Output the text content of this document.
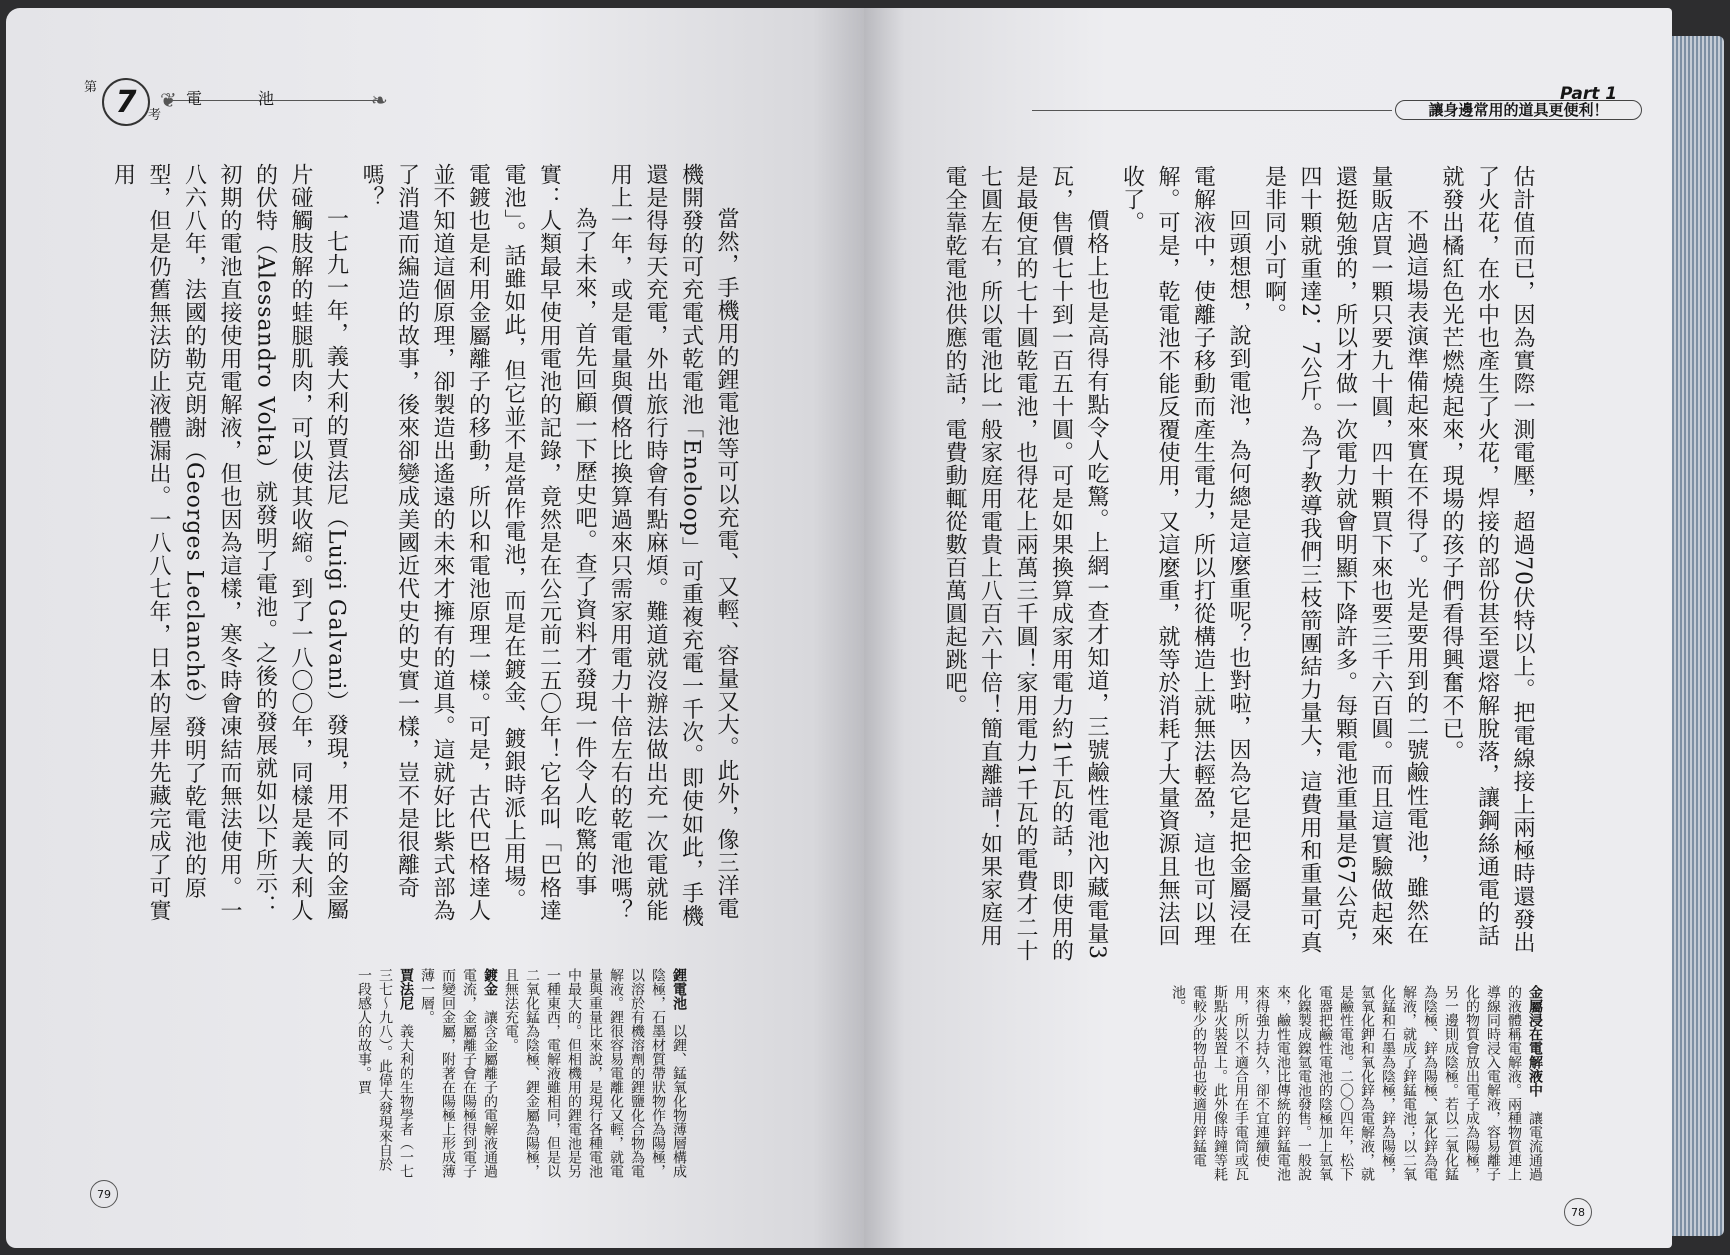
第 7 考
❦ 電池 ❧

當然，手機用的鋰電池等可以充電、又輕、容量又大。此外，像三洋電機開發的可充電式乾電池「Eneloop」可重複充電一千次。即使如此，手機還是得每天充電，外出旅行時會有點麻煩。難道就沒辦法做出充一次電就能用上一年，或是電量與價格比換算過來只需家用電力十倍左右的乾電池嗎？

為了未來，首先回顧一下歷史吧。查了資料才發現一件令人吃驚的事實：人類最早使用電池的記錄，竟然是在公元前二五〇年！它名叫「巴格達電池」。話雖如此，但它並不是當作電池，而是在鍍金、鍍銀時派上用場。電鍍也是利用金屬離子的移動，所以和電池原理一樣。可是，古代巴格達人並不知道這個原理，卻製造出遙遠的未來才擁有的道具。這就好比紫式部為了消遣而編造的故事，後來卻變成美國近代史的史實一樣，豈不是很離奇嗎？

一七九一年，義大利的賈法尼（Luigi Galvani）發現，用不同的金屬片碰觸肢解的蛙腿肌肉，可以使其收縮。到了一八〇〇年，同樣是義大利人的伏特（Alessandro Volta）就發明了電池。之後的發展就如以下所示：初期的電池直接使用電解液，但也因為這樣，寒冬時會凍結而無法使用。一八六八年，法國的勒克朗謝（Georges Leclanché）發明了乾電池的原型，但是仍舊無法防止液體漏出。一八八七年，日本的屋井先藏完成了可實用

鋰電池　以鋰、錳氧化物薄層構成陰極，石墨材質帶狀物作為陽極，以溶於有機溶劑的鋰鹽化合物為電解液。鋰很容易電離化又輕，就電量與重量比來說，是現行各種電池中最大的。但相機用的鋰電池是另一種東西，電解液雖相同，但是以二氧化錳為陰極、鋰金屬為陽極，且無法充電。

鍍金　讓含金屬離子的電解液通過電流，金屬離子會在陽極得到電子而變回金屬，附著在陽極上形成薄薄一層。

賈法尼　義大利的生物學者（一七三七～九八）。此偉大發現來自於一段感人的故事。賈

79
78
Part 1
讓身邊常用的道具更便利！

估計值而已，因為實際一測電壓，超過70伏特以上。把電線接上兩極時還發出了火花，在水中也產生了火花，焊接的部份甚至還熔解脫落，讓鋼絲通電的話就發出橘紅色光芒燃燒起來，現場的孩子們看得興奮不已。

不過這場表演準備起來實在不得了。光是要用到的二號鹼性電池，雖然在量販店買一顆只要九十圓，四十顆買下來也要三千六百圓。而且這實驗做起來還挺勉強的，所以才做一次電力就會明顯下降許多。每顆電池重量是67公克，四十顆就重達2．7公斤。為了教導我們三枝箭團結力量大，這費用和重量可真是非同小可啊。

回頭想想，說到電池，為何總是這麼重呢？也對啦，因為它是把金屬浸在電解液中，使離子移動而產生電力，所以打從構造上就無法輕盈，這也可以理解。可是，乾電池不能反覆使用，又這麼重，就等於消耗了大量資源且無法回收了。

價格上也是高得有點令人吃驚。上網一查才知道，三號鹼性電池內藏電量3瓦，售價七十到一百五十圓。可是如果換算成家用電力約1千瓦的話，即使用的是最便宜的七十圓乾電池，也得花上兩萬三千圓！家用電力1千瓦的電費才二十七圓左右，所以電池比一般家庭用電貴上八百六十倍！簡直離譜！如果家庭用電全靠乾電池供應的話，電費動輒從數百萬圓起跳吧。

金屬浸在電解液中　讓電流通過的液體稱電解液。兩種物質連上導線同時浸入電解液，容易離子化的物質會放出電子成為陽極，另一邊則成陰極。若以二氧化錳為陰極、鋅為陽極、氯化鋅為電解液，就成了鋅錳電池；以二氧化錳和石墨為陰極，鋅為陽極，氫氧化鉀和氧化鋅為電解液，就是鹼性電池。二〇〇四年，松下電器把鹼性電池的陰極加上氫氧化鎳製成鎳氫電池發售。一般說來，鹼性電池比傳統的鋅錳電池來得強力持久，卻不宜連續使用，所以不適合用在手電筒或瓦斯點火裝置上。此外像時鐘等耗電較少的物品也較適用鋅錳電池。
